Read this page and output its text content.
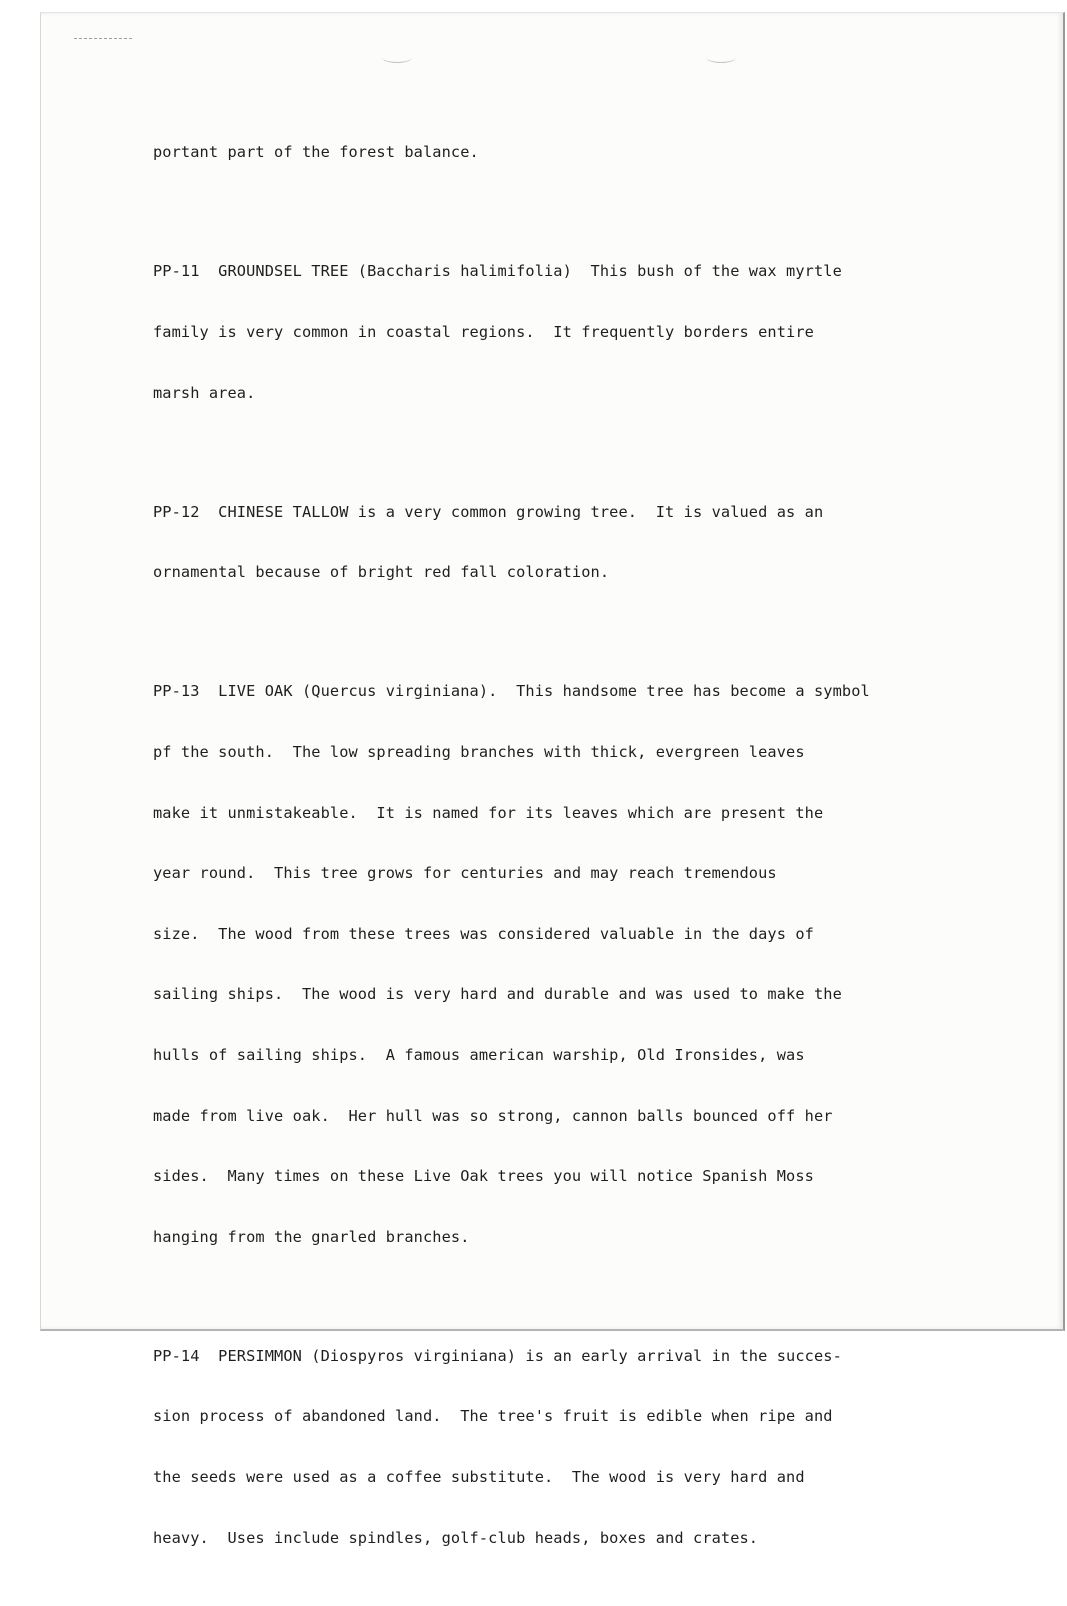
portant part of the forest balance.

PP-11  GROUNDSEL TREE (Baccharis halimifolia)  This bush of the wax myrtle

family is very common in coastal regions.  It frequently borders entire

marsh area.

PP-12  CHINESE TALLOW is a very common growing tree.  It is valued as an

ornamental because of bright red fall coloration.

PP-13  LIVE OAK (Quercus virginiana).  This handsome tree has become a symbol

pf the south.  The low spreading branches with thick, evergreen leaves

make it unmistakeable.  It is named for its leaves which are present the

year round.  This tree grows for centuries and may reach tremendous

size.  The wood from these trees was considered valuable in the days of

sailing ships.  The wood is very hard and durable and was used to make the

hulls of sailing ships.  A famous american warship, Old Ironsides, was

made from live oak.  Her hull was so strong, cannon balls bounced off her

sides.  Many times on these Live Oak trees you will notice Spanish Moss

hanging from the gnarled branches.

PP-14  PERSIMMON (Diospyros virginiana) is an early arrival in the succes-

sion process of abandoned land.  The tree's fruit is edible when ripe and

the seeds were used as a coffee substitute.  The wood is very hard and

heavy.  Uses include spindles, golf-club heads, boxes and crates.
